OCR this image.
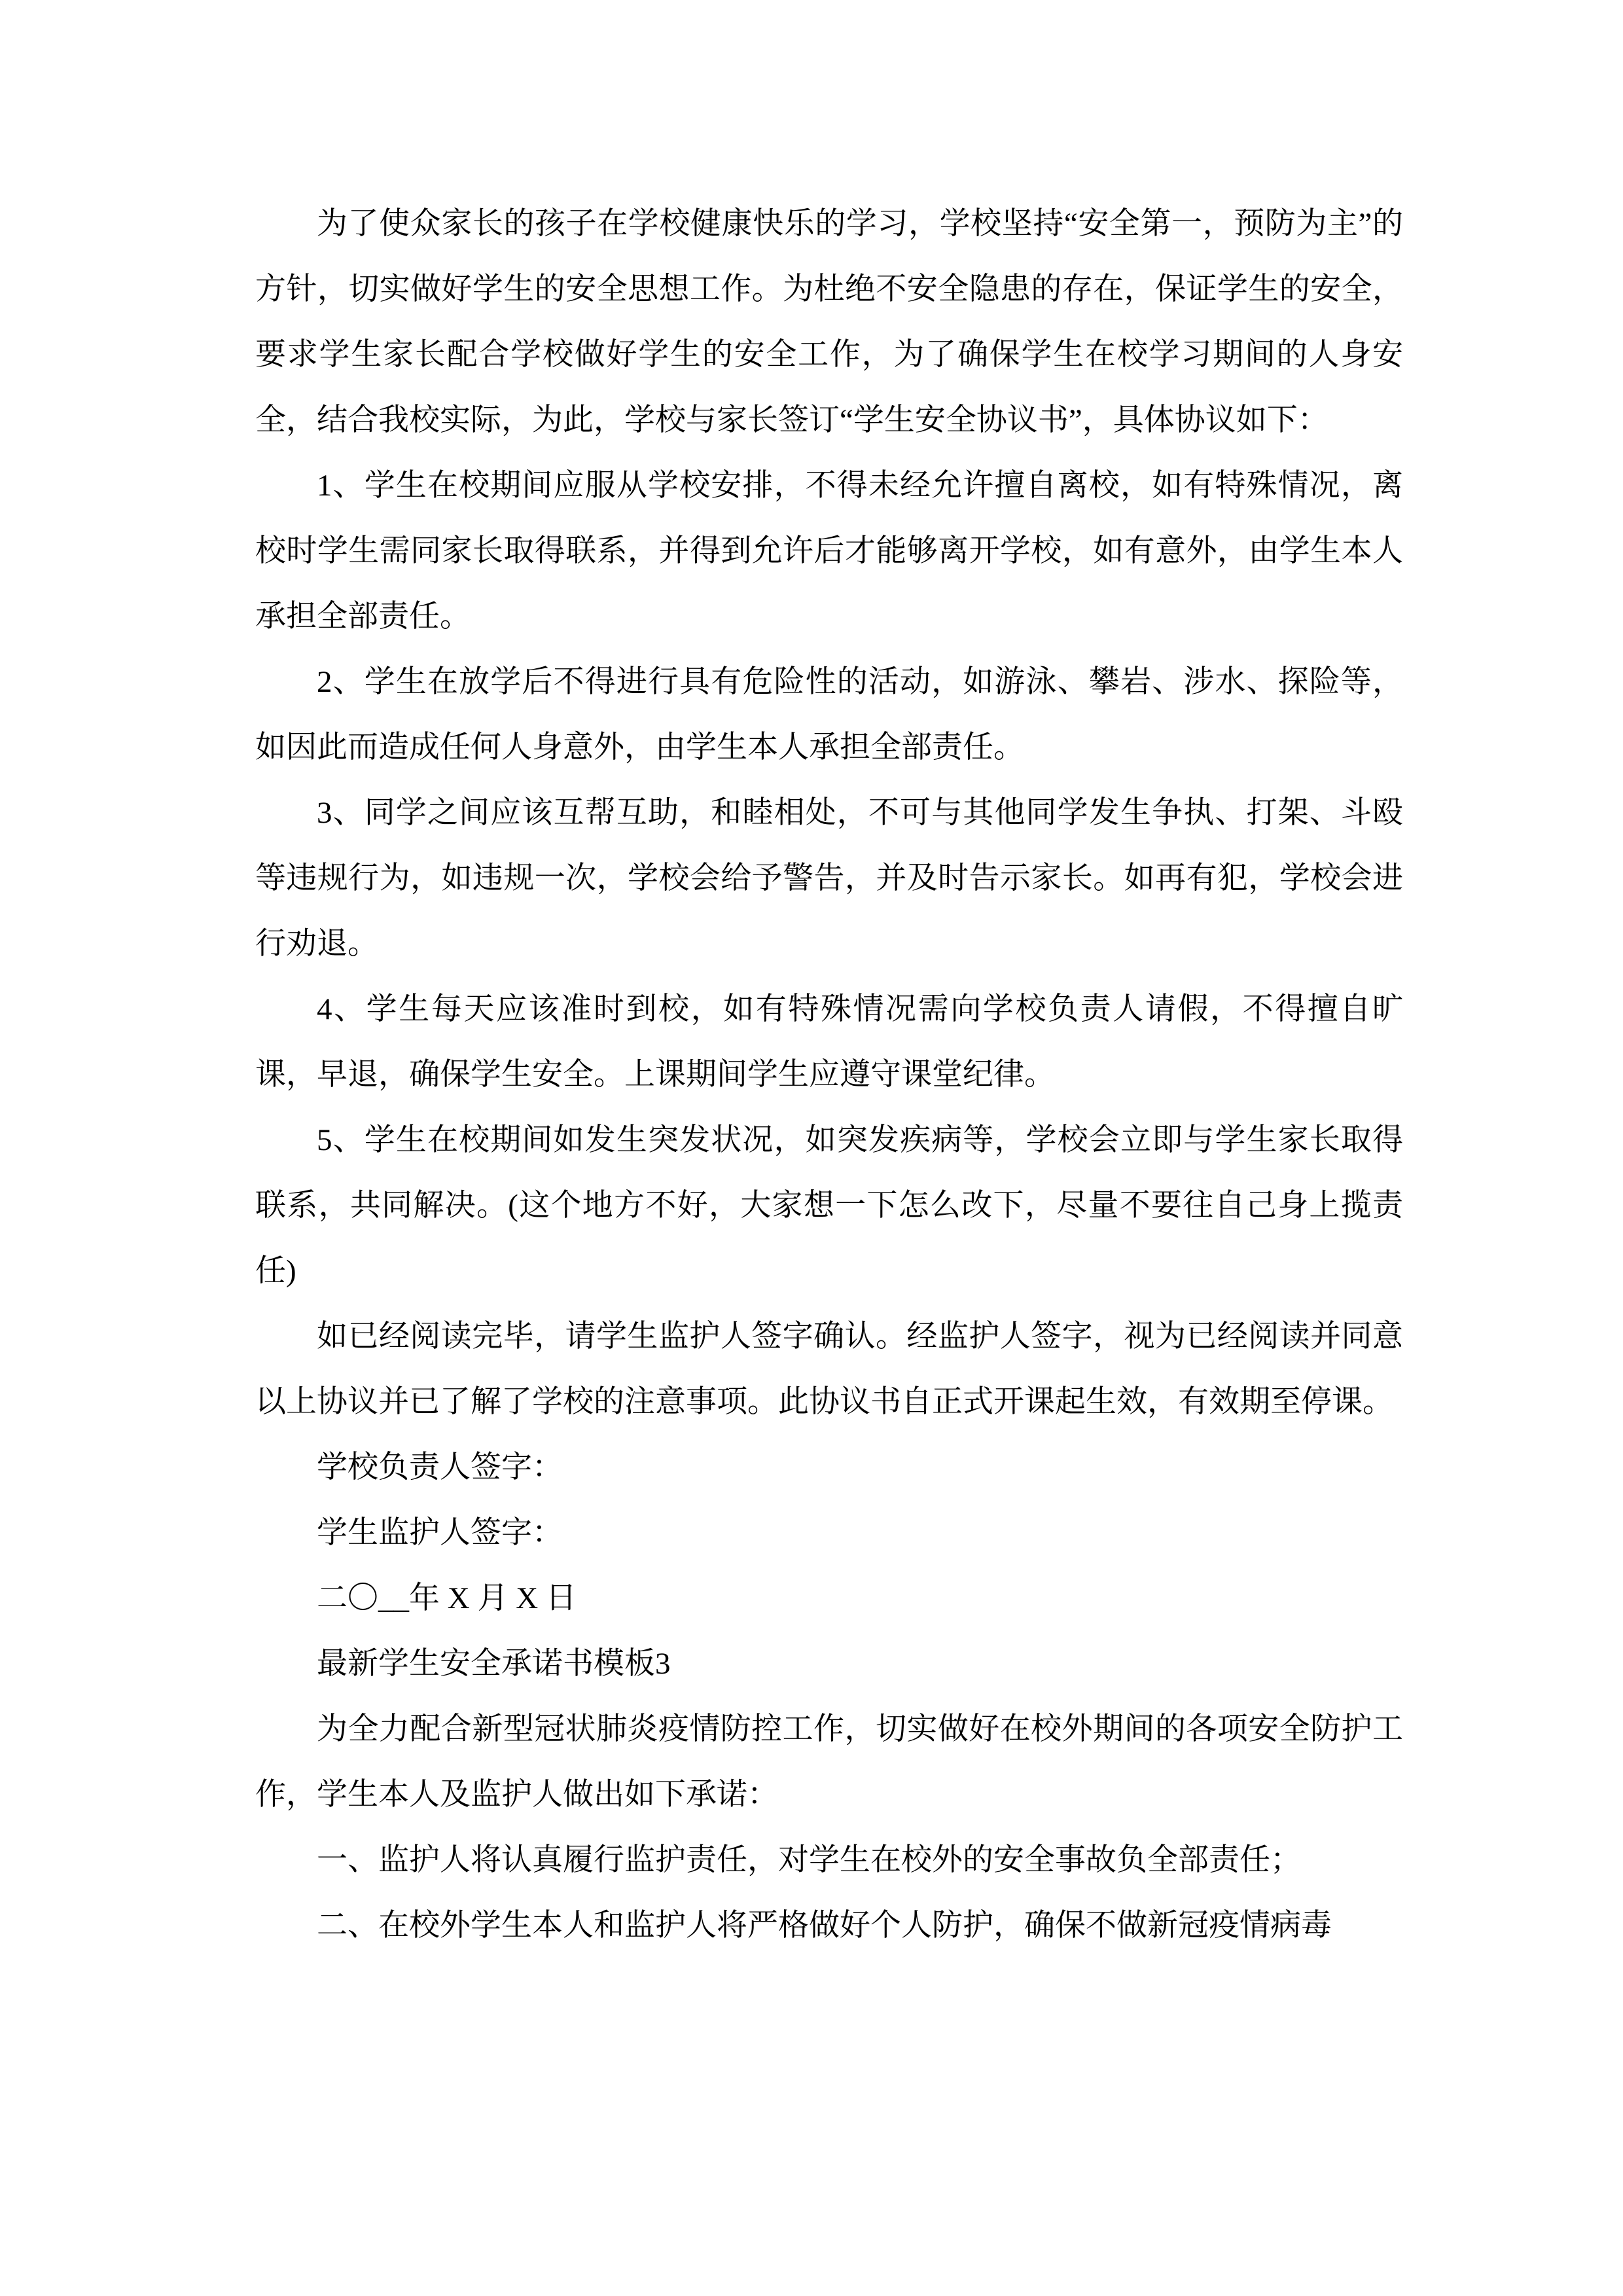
为了使众家长的孩子在学校健康快乐的学习，学校坚持“安全第一，预防为主”的方针，切实做好学生的安全思想工作。为杜绝不安全隐患的存在，保证学生的安全，要求学生家长配合学校做好学生的安全工作，为了确保学生在校学习期间的人身安全，结合我校实际，为此，学校与家长签订“学生安全协议书”，具体协议如下：

1、学生在校期间应服从学校安排，不得未经允许擅自离校，如有特殊情况，离校时学生需同家长取得联系，并得到允许后才能够离开学校，如有意外，由学生本人承担全部责任。

2、学生在放学后不得进行具有危险性的活动，如游泳、攀岩、涉水、探险等，如因此而造成任何人身意外，由学生本人承担全部责任。

3、同学之间应该互帮互助，和睦相处，不可与其他同学发生争执、打架、斗殴等违规行为，如违规一次，学校会给予警告，并及时告示家长。如再有犯，学校会进行劝退。

4、学生每天应该准时到校，如有特殊情况需向学校负责人请假，不得擅自旷课，早退，确保学生安全。上课期间学生应遵守课堂纪律。

5、学生在校期间如发生突发状况，如突发疾病等，学校会立即与学生家长取得联系，共同解决。(这个地方不好，大家想一下怎么改下，尽量不要往自己身上揽责任)

如已经阅读完毕，请学生监护人签字确认。经监护人签字，视为已经阅读并同意以上协议并已了解了学校的注意事项。此协议书自正式开课起生效，有效期至停课。

学校负责人签字：

学生监护人签字：

二〇__年 X 月 X 日

最新学生安全承诺书模板3

为全力配合新型冠状肺炎疫情防控工作，切实做好在校外期间的各项安全防护工作，学生本人及监护人做出如下承诺：

一、监护人将认真履行监护责任，对学生在校外的安全事故负全部责任；

二、在校外学生本人和监护人将严格做好个人防护，确保不做新冠疫情病毒
